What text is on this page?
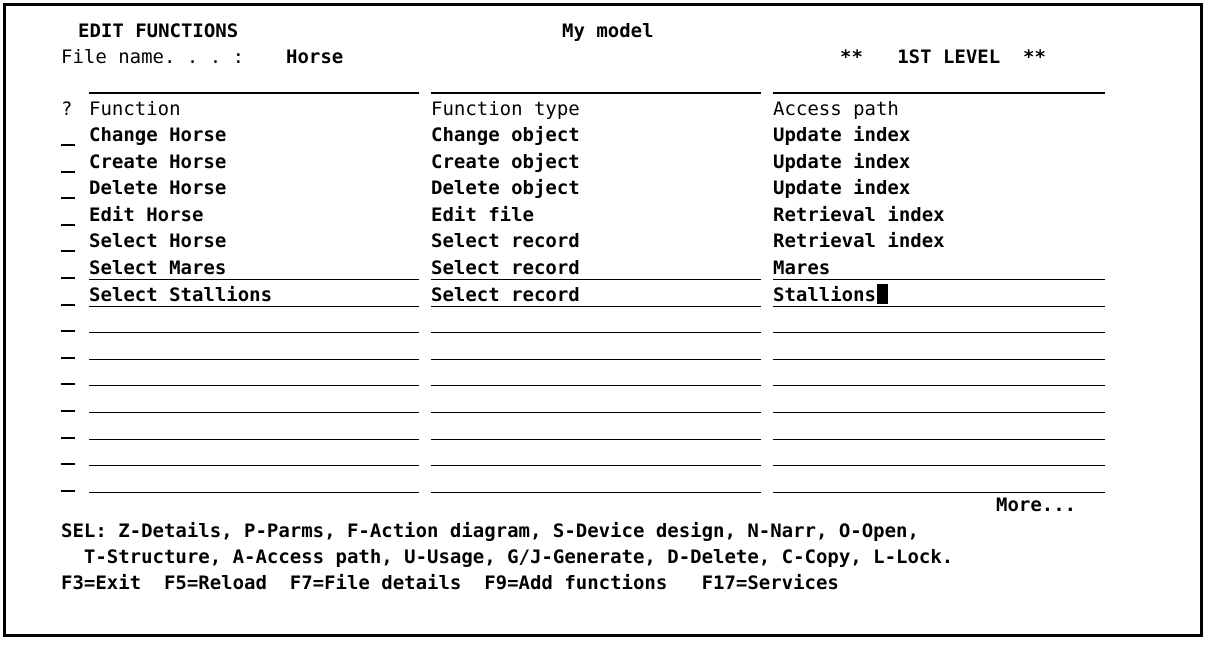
EDIT FUNCTIONS	My model
File name. . . : Horse	**   1ST LEVEL  **
? Function	Function type	Access path
Change Horse	Change object	Update index
Create Horse	Create object	Update index
Delete Horse	Delete object	Update index
Edit Horse	Edit file	Retrieval index
Select Horse	Select record	Retrieval index
Select Mares	Select record	Mares
Select Stallions	Select record	Stallions
More...
SEL: Z-Details, P-Parms, F-Action diagram, S-Device design, N-Narr, O-Open,
T-Structure, A-Access path, U-Usage, G/J-Generate, D-Delete, C-Copy, L-Lock.
F3=Exit  F5=Reload  F7=File details  F9=Add functions   F17=Services
